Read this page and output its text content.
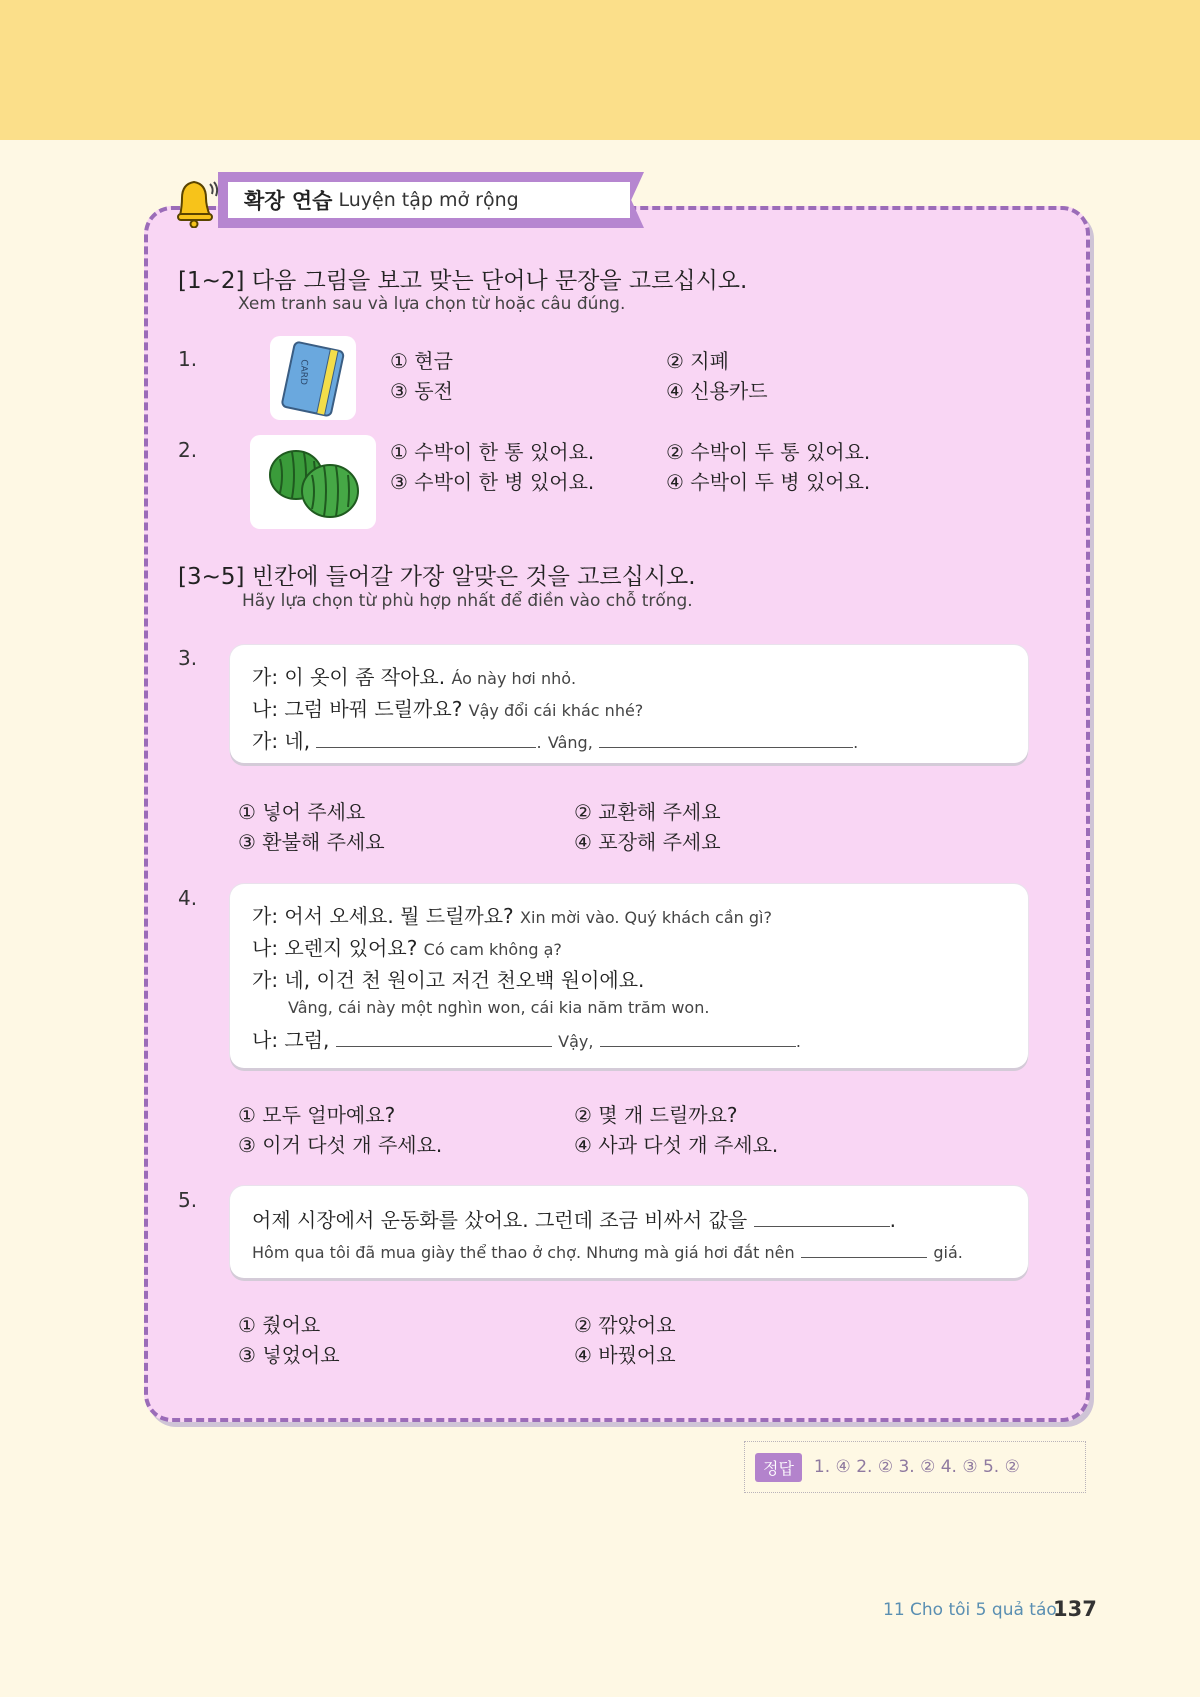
확장 연습 Luyện tập mở rộng
[1~2] 다음 그림을 보고 맞는 단어나 문장을 고르십시오.
Xem tranh sau và lựa chọn từ hoặc câu đúng.
1.
CARD	① 현금	② 지폐
③ 동전	④ 신용카드
2.	① 수박이 한 통 있어요.	② 수박이 두 통 있어요.
③ 수박이 한 병 있어요.	④ 수박이 두 병 있어요.
[3~5] 빈칸에 들어갈 가장 알맞은 것을 고르십시오.
Hãy lựa chọn từ phù hợp nhất để điền vào chỗ trống.
3.
가: 이 옷이 좀 작아요. Áo này hơi nhỏ.
나: 그럼 바꿔 드릴까요? Vậy đổi cái khác nhé?
가: 네,	. Vâng,	.
① 넣어 주세요	② 교환해 주세요
③ 환불해 주세요	④ 포장해 주세요
4.
가: 어서 오세요. 뭘 드릴까요? Xin mời vào. Quý khách cần gì?
나: 오렌지 있어요? Có cam không ạ?
가: 네, 이건 천 원이고 저건 천오백 원이에요.
Vâng, cái này một nghìn won, cái kia năm trăm won.
나: 그럼,	Vậy,	.
① 모두 얼마예요?	② 몇 개 드릴까요?
③ 이거 다섯 개 주세요.	④ 사과 다섯 개 주세요.
5.
어제 시장에서 운동화를 샀어요. 그런데 조금 비싸서 값을	.
Hôm qua tôi đã mua giày thể thao ở chợ. Nhưng mà giá hơi đắt nên	giá.
① 줬어요	② 깎았어요
③ 넣었어요	④ 바꿨어요
정답	1. ④ 2. ② 3. ② 4. ③ 5. ②
11 Cho tôi 5 quả táo
137
